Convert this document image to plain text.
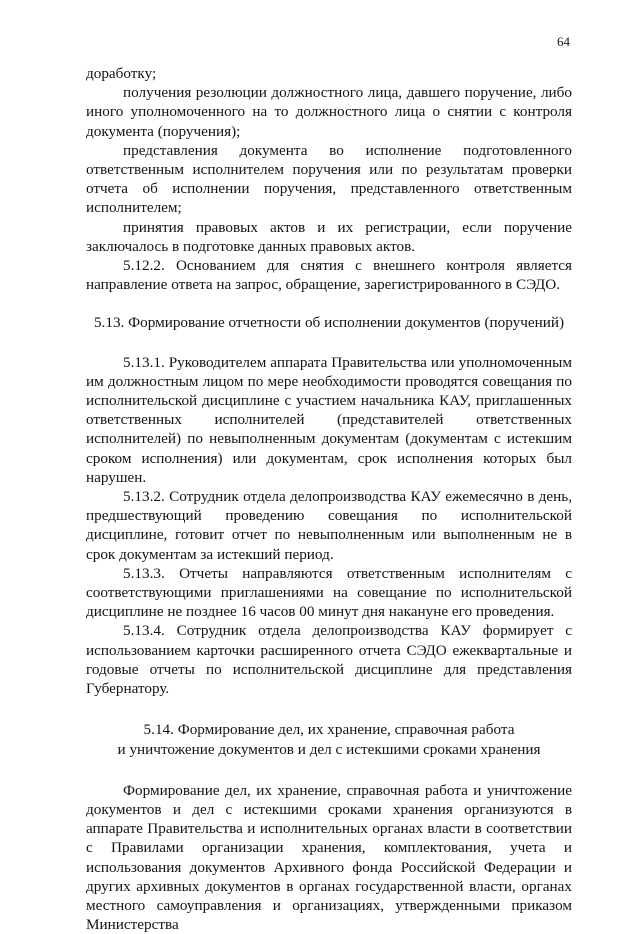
64

доработку;

получения резолюции должностного лица, давшего поручение, либо иного уполномоченного на то должностного лица о снятии с контроля документа (поручения);

представления документа во исполнение подготовленного ответственным исполнителем поручения или по результатам проверки отчета об исполнении поручения, представленного ответственным исполнителем;

принятия правовых актов и их регистрации, если поручение заключалось в подготовке данных правовых актов.

5.12.2. Основанием для снятия с внешнего контроля является направление ответа на запрос, обращение, зарегистрированного в СЭДО.

5.13. Формирование отчетности об исполнении документов (поручений)

5.13.1. Руководителем аппарата Правительства или уполномоченным им должностным лицом по мере необходимости проводятся совещания по исполнительской дисциплине с участием начальника КАУ, приглашенных ответственных исполнителей (представителей ответственных исполнителей) по невыполненным документам (документам с истекшим сроком исполнения) или документам, срок исполнения которых был нарушен.

5.13.2. Сотрудник отдела делопроизводства КАУ ежемесячно в день, предшествующий проведению совещания по исполнительской дисциплине, готовит отчет по невыполненным или выполненным не в срок документам за истекший период.

5.13.3. Отчеты направляются ответственным исполнителям с соответствующими приглашениями на совещание по исполнительской дисциплине не позднее 16 часов 00 минут дня накануне его проведения.

5.13.4. Сотрудник отдела делопроизводства КАУ формирует с использованием карточки расширенного отчета СЭДО ежеквартальные и годовые отчеты по исполнительской дисциплине для представления Губернатору.

5.14. Формирование дел, их хранение, справочная работа

и уничтожение документов и дел с истекшими сроками хранения

Формирование дел, их хранение, справочная работа и уничтожение документов и дел с истекшими сроками хранения организуются в аппарате Правительства и исполнительных органах власти в соответствии с Правилами организации хранения, комплектования, учета и использования документов Архивного фонда Российской Федерации и других архивных документов в органах государственной власти, органах местного самоуправления и организациях, утвержденными приказом Министерства
